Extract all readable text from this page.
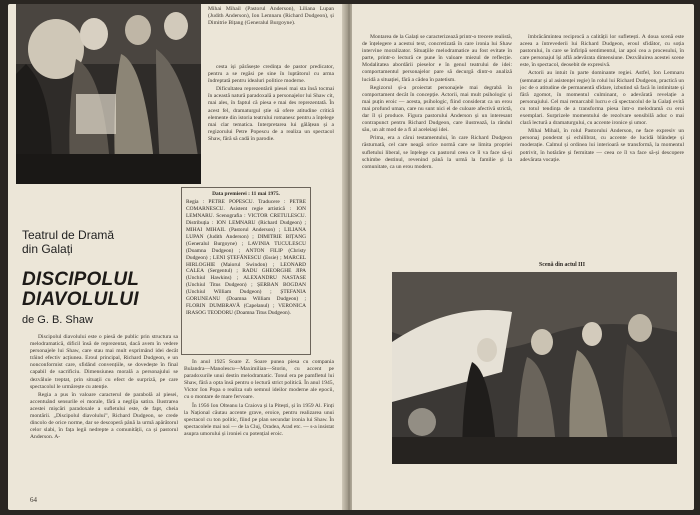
Mihai Mihail (Pastorul Anderson), Liliana Lupan (Judith Anderson), Ion Lemnaru (Richard Dudgeon), și Dimitrie Bițang (Generalul Burgoyne).

cesta iși părăsește credința de pastor predicator, pentru a se regăsi pe sine în luptătorul cu arma îndreptată pentru idealuri politice moderne.

Dificultatea reprezentării piesei mai sta însă tocmai în această natură paradoxală a personajelor lui Shaw cit, mai ales, în faptul că piesa e mai des reprezentată. În acest fel, dramaturgul știe să ofere atitudine critică elemente din istoria teatrului romanesc pentru a înțelege mai clar tematica. Interpretarea lui gălățean și a regizorului Petre Popescu de a realiza un spectacol Shaw, fără să cadă în parodie.

Data premierei : 11 mai 1975.
Regia : PETRE POPESCU. Traducere : PETRE COMARNESCU. Asistent regie artistică : ION LEMNARU. Scenografia : VICTOR CRETULESCU. Distribuția : ION LEMNARU (Richard Dudgeon) ; MIHAI MIHAIL (Pastorul Anderson) ; LILIANA LUPAN (Judith Anderson) ; DIMITRIE BIȚANG (Generalul Burgoyne) ; LAVINIA TUCULESCU (Doamna Dudgeon) ; ANTON FILIP (Christy Dudgeon) ; LENI ȘTEFĂNESCU (Essie) ; MARCEL HIRLOGHIE (Maiorul Swindon) ; LEONARD CALEA (Sergentul) ; RADU GHEORGHE JIPA (Unchiul Hawkins) ; ALEXANDRU NASTASE (Unchiul Titus Dudgeon) ; ȘERBAN BOGDAN (Unchiul William Dudgeon) ; ȘTEFANIA GORUNEANU (Doamna William Dudgeon) ; FLORIN DUMBRAVĂ (Capelanul) ; VERONICA IRASOG TEODORU (Doamna Titus Dudgeon).

Teatrul de Dramă

din Galați

DISCIPOLUL
DIAVOLULUI

de G. B. Shaw

Discipolul diavolului este o piesă de public prin structura sa melodramatică, dificil însă de reprezentat, dacă avem în vedere personajele lui Shaw, care stau mai mult exprimând idei decât trăind efectiv acțiunea. Eroul principal, Richard Dudgeon, e un nonconformist care, sfidând convențiile, se dovedește în final capabil de sacrificiu. Dimensiunea morală a personajului se dezvăluie treptat, prin situații cu efect de surpriză, pe care spectacolul le urmărește cu atenție.

Regia a pus în valoare caracterul de parabolă al piesei, accentuând sensurile ei morale, fără a neglija satira. Ilustrarea acestei mișcări paradoxale a sufletului este, de fapt, cheia montării. „Discipolul diavolului”, Richard Dudgeon, se crede dincolo de orice norme, dar se descoperă până la urmă apărătorul celor slabi, în fața legii nedrepte a comunității, ca și pastorul Anderson. A-

În anul 1925 Soare Z. Soare punea piesa cu compania Bulandra—Manolescu—Maximilian—Storin, cu accent pe paradoxurile unui destin melodramatic. Tonul era pe pamfletul lui Shaw, fără a opta însă pentru o lectură strict politică. În anul 1945, Victor Ion Popa o realiza sub semnul ideilor moderne ale epocii, cu o montare de mare fervoare.

În 1956 Ion Olteanu la Craiova și la Pitești, și în 1959 Al. Finți la Național căutau accente grave, eroice, pentru realizarea unui spectacol cu ton politic, fiind pe plan secundar ironia lui Shaw. În spectacolele mai noi — de la Cluj, Oradea, Arad etc. — s-a insistat asupra umorului și ironiei cu potențial eroic.

64

Montarea de la Galați se caracterizează printr-o trecere realistă, de înțelegere a acestui text, concretizată în care ironia lui Shaw intervine moralizator. Situațiile melodramatice au fost evitate în parte, printr-o lectură ce pune în valoare miezul de reflecție. Modalitatea abordării pieselor e în genul teatrului de idei: comportamentul personajelor pare să decurgă dintr-o analiză lucidă a situației, fără a cădea în patetism.

Regizorul și-a proiectat personajele mai degrabă în comportament decât în concepție. Actorii, mai mult psihologic și mai puțin eroic — acesta, psihologic, fiind considerat ca un erou mai profund uman, care nu sunt nici el de culoare afectivă strictă, dar îl și produce. Figura pastorului Anderson și un interesant contrapunct pentru Richard Dudgeon, care ilustrează, la rândul său, un alt mod de a fi al aceleiași idei.

Prima, era a cărui testamentului, în care Richard Dudgeon răsturnată, cel care neagă orice normă care se limita propriei sufletului liberal, se înțelege cu pastorul ceea ce îl va face să-și schimbe destinul, revenind până la urmă la familie și la comunitate, ca un erou modern.

îmbrăcămintea reciprocă a calității lor sufletești. A doua scenă este aceea a întrevederii lui Richard Dudgeon, eroul sfidător, cu soția pastorului, în care se înfiripă sentimentul, iar apoi cea a procesului, în care personajul își află adevărata dimensiune. Dezvăluirea acestei scene este, în spectacol, deosebit de expresivă.

Actorii au intuit în parte dominante regiei. Astfel, Ion Lemnaru (semnatar și al asistenței regie) în rolul lui Richard Dudgeon, practică un joc de o atitudine de permanentă sfidare, izbutind să facă în intimitate și fără zgomot, în momentul culminant, o adevărată revelație a personajului. Cel mai remarcabil lucru e că spectacolul de la Galați evită cu totul tendința de a transforma piesa într-o melodramă cu eroi exemplari. Surprizele momentului de rezolvare sensibilă aduc o mai clară lectură a dramaturgului, cu accente ironice și umor.

Mihai Mihail, în rolul Pastorului Anderson, ne face expresiv un personaj ponderat și echilibrat, cu accente de lucidă blândețe și moderație. Calmul și ordinea lui interioară se transformă, la momentul potrivit, în hotărâre și fermitate — ceea ce îl va face să-și descopere adevărata vocație.

Scenă din actul III
